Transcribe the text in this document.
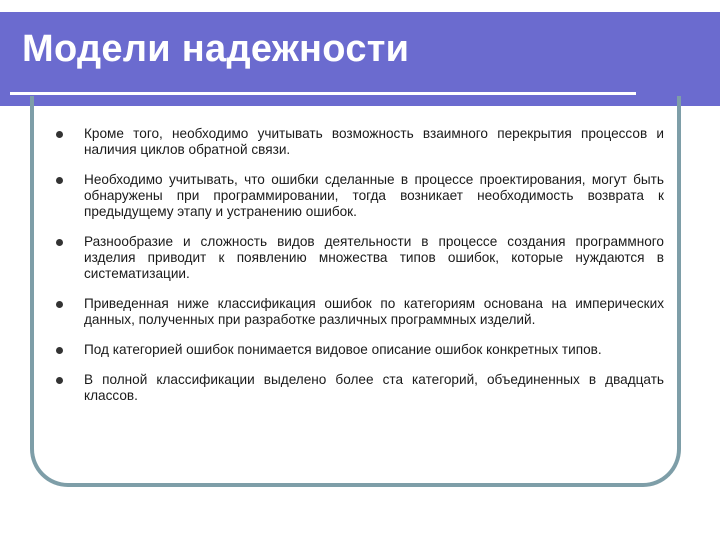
Модели надежности
Кроме того, необходимо учитывать возможность взаимного перекрытия процессов и наличия циклов обратной связи.
Необходимо учитывать, что ошибки сделанные в процессе проектирования, могут быть обнаружены при программировании, тогда возникает необходимость возврата к предыдущему этапу и устранению ошибок.
Разнообразие и сложность видов деятельности в процессе создания программного изделия приводит к появлению множества типов ошибок, которые нуждаются в систематизации.
Приведенная ниже классификация ошибок по категориям основана на имперических данных, полученных при разработке различных программных изделий.
Под категорией ошибок понимается видовое описание ошибок конкретных типов.
В полной классификации выделено более ста категорий, объединенных в двадцать классов.
